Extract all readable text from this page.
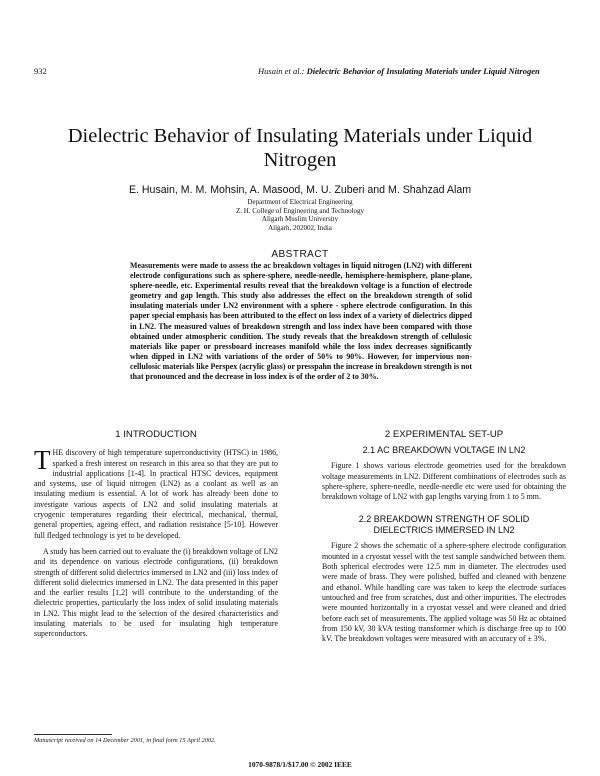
932	Husain et al.: Dielectric Behavior of Insulating Materials under Liquid Nitrogen
Dielectric Behavior of Insulating Materials under Liquid Nitrogen
E. Husain, M. M. Mohsin, A. Masood, M. U. Zuberi and M. Shahzad Alam
Department of Electrical Engineering
Z. H. College of Engineering and Technology
Aligarh Muslim University
Aligarh, 202002, India
ABSTRACT
Measurements were made to assess the ac breakdown voltages in liquid nitrogen (LN2) with different electrode configurations such as sphere-sphere, needle-needle, hemisphere-hemisphere, plane-plane, sphere-needle, etc. Experimental results reveal that the breakdown voltage is a function of electrode geometry and gap length. This study also addresses the effect on the breakdown strength of solid insulating materials under LN2 environment with a sphere - sphere electrode configuration. In this paper special emphasis has been attributed to the effect on loss index of a variety of dielectrics dipped in LN2. The measured values of breakdown strength and loss index have been compared with those obtained under atmospheric condition. The study reveals that the breakdown strength of cellulosic materials like paper or pressboard increases manifold while the loss index decreases significantly when dipped in LN2 with variations of the order of 50% to 90%. However, for impervious non-cellulosic materials like Perspex (acrylic glass) or presspahn the increase in breakdown strength is not that pronounced and the decrease in loss index is of the order of 2 to 30%.
1 INTRODUCTION

THE discovery of high temperature superconductivity (HTSC) in 1986, sparked a fresh interest on research in this area so that they are put to industrial applications [1-4]. In practical HTSC devices, equipment and systems, use of liquid nitrogen (LN2) as a coolant as well as an insulating medium is essential. A lot of work has already been done to investigate various aspects of LN2 and solid insulating materials at cryogenic temperatures regarding their electrical, mechanical, thermal, general properties, ageing effect, and radiation resistance [5-10]. However full fledged technology is yet to be developed.

A study has been carried out to evaluate the (i) breakdown voltage of LN2 and its dependence on various electrode configurations, (ii) breakdown strength of different solid dielectrics immersed in LN2 and (iii) loss index of different solid dielectrics immersed in LN2. The data presented in this paper and the earlier results [1,2] will contribute to the understanding of the dielectric properties, particularly the loss index of solid insulating materials in LN2. This might lead to the selection of the desired characteristics and insulating materials to be used for insulating high temperature superconductors.

2 EXPERIMENTAL SET-UP
2.1 AC BREAKDOWN VOLTAGE IN LN2

Figure 1 shows various electrode geometries used for the breakdown voltage measurements in LN2. Different combinations of electrodes such as sphere-sphere, sphere-needle, needle-needle etc were used for obtaining the breakdown voltage of LN2 with gap lengths varying from 1 to 5 mm.

2.2 BREAKDOWN STRENGTH OF SOLID
DIELECTRICS IMMERSED IN LN2

Figure 2 shows the schematic of a sphere-sphere electrode configuration mounted in a cryostat vessel with the test sample sandwiched between them. Both spherical electrodes were 12.5 mm in diameter. The electrodes used were made of brass. They were polished, buffed and cleaned with benzene and ethanol. While handling care was taken to keep the electrode surfaces untouched and free from scratches, dust and other impurities. The electrodes were mounted horizontally in a cryostat vessel and were cleaned and dried before each set of measurements. The applied voltage was 50 Hz ac obtained from 150 kV, 30 kVA testing transformer which is discharge free up to 100 kV. The breakdown voltages were measured with an accuracy of ± 3%.

Manuscript received on 14 December 2001, in final form 15 April 2002.
1070-9878/1/$17.00 © 2002 IEEE
